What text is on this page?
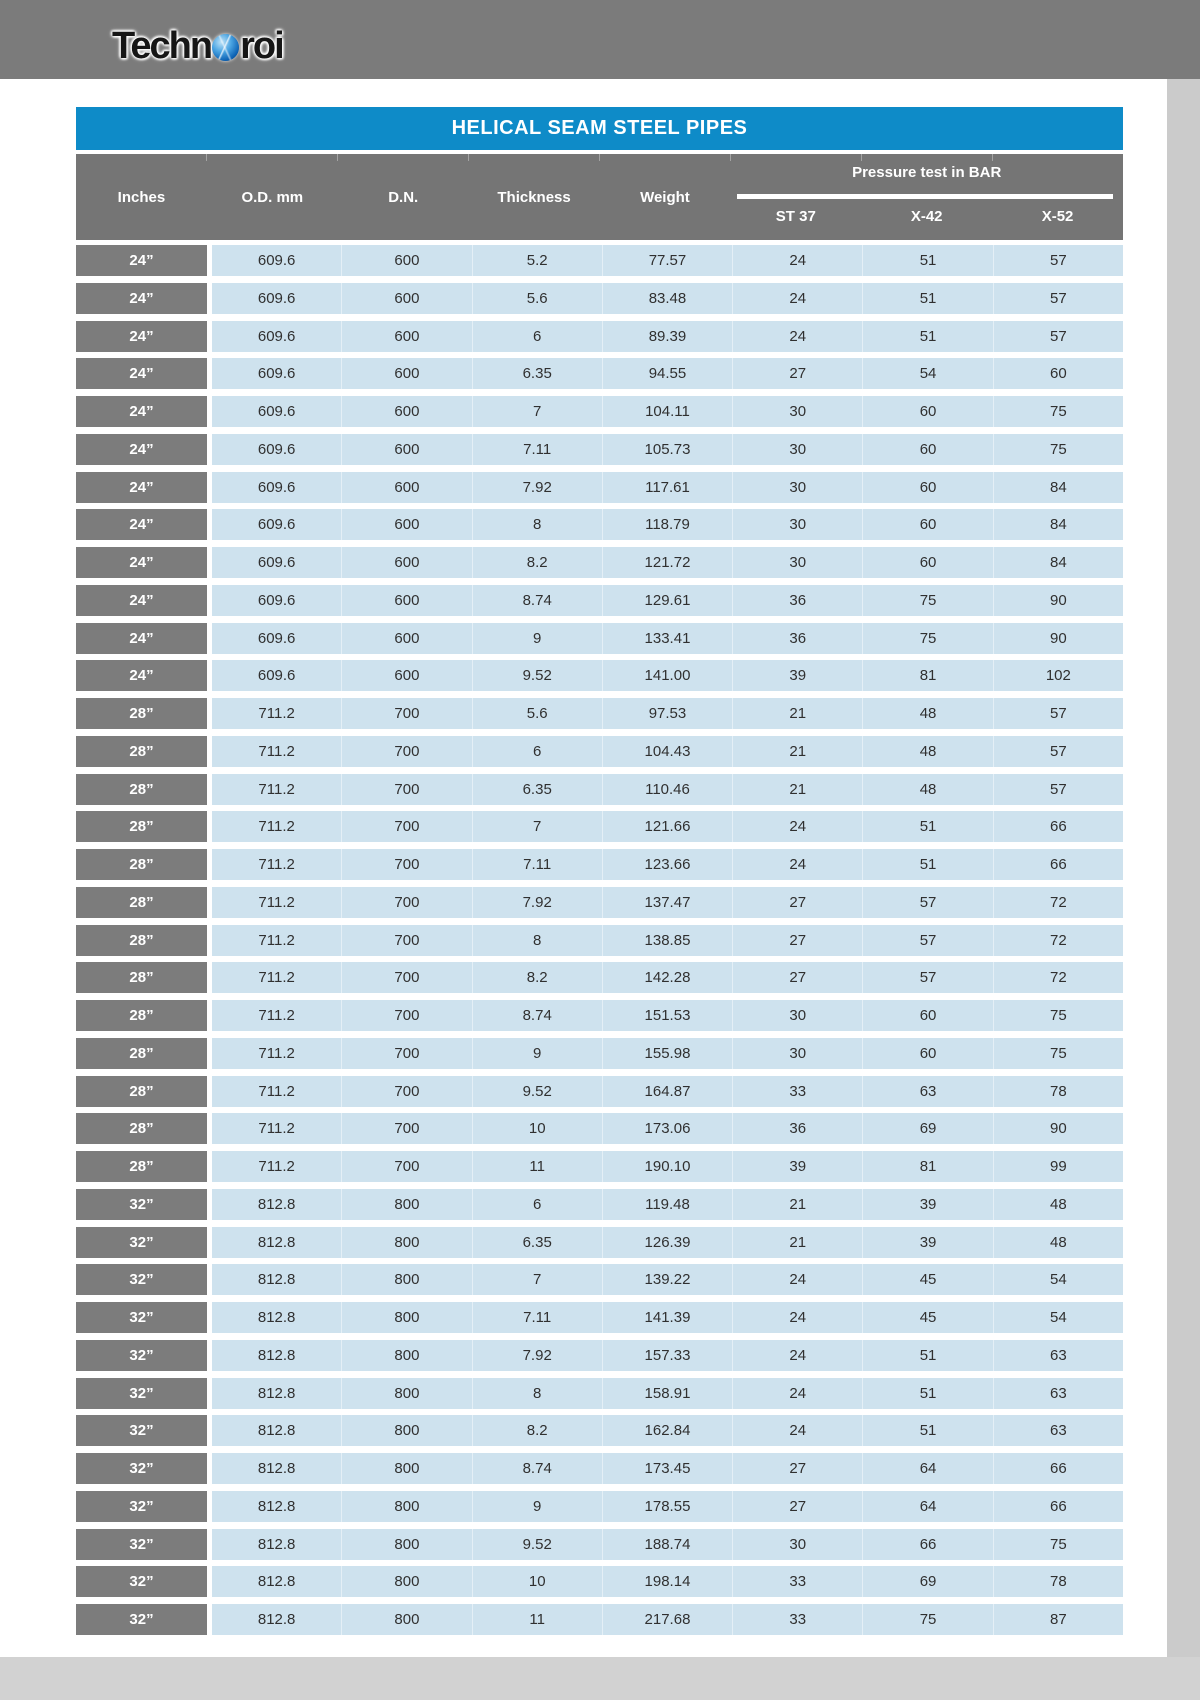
Techn roi
HELICAL SEAM STEEL PIPES
Inches	O.D. mm	D.N.	Thickness	Weight
Pressure test in BAR
ST 37	X-42	X-52
24”	609.6	600	5.2	77.57	24	51	57
24”	609.6	600	5.6	83.48	24	51	57
24”	609.6	600	6	89.39	24	51	57
24”	609.6	600	6.35	94.55	27	54	60
24”	609.6	600	7	104.11	30	60	75
24”	609.6	600	7.11	105.73	30	60	75
24”	609.6	600	7.92	117.61	30	60	84
24”	609.6	600	8	118.79	30	60	84
24”	609.6	600	8.2	121.72	30	60	84
24”	609.6	600	8.74	129.61	36	75	90
24”	609.6	600	9	133.41	36	75	90
24”	609.6	600	9.52	141.00	39	81	102
28”	711.2	700	5.6	97.53	21	48	57
28”	711.2	700	6	104.43	21	48	57
28”	711.2	700	6.35	110.46	21	48	57
28”	711.2	700	7	121.66	24	51	66
28”	711.2	700	7.11	123.66	24	51	66
28”	711.2	700	7.92	137.47	27	57	72
28”	711.2	700	8	138.85	27	57	72
28”	711.2	700	8.2	142.28	27	57	72
28”	711.2	700	8.74	151.53	30	60	75
28”	711.2	700	9	155.98	30	60	75
28”	711.2	700	9.52	164.87	33	63	78
28”	711.2	700	10	173.06	36	69	90
28”	711.2	700	11	190.10	39	81	99
32”	812.8	800	6	119.48	21	39	48
32”	812.8	800	6.35	126.39	21	39	48
32”	812.8	800	7	139.22	24	45	54
32”	812.8	800	7.11	141.39	24	45	54
32”	812.8	800	7.92	157.33	24	51	63
32”	812.8	800	8	158.91	24	51	63
32”	812.8	800	8.2	162.84	24	51	63
32”	812.8	800	8.74	173.45	27	64	66
32”	812.8	800	9	178.55	27	64	66
32”	812.8	800	9.52	188.74	30	66	75
32”	812.8	800	10	198.14	33	69	78
32”	812.8	800	11	217.68	33	75	87
